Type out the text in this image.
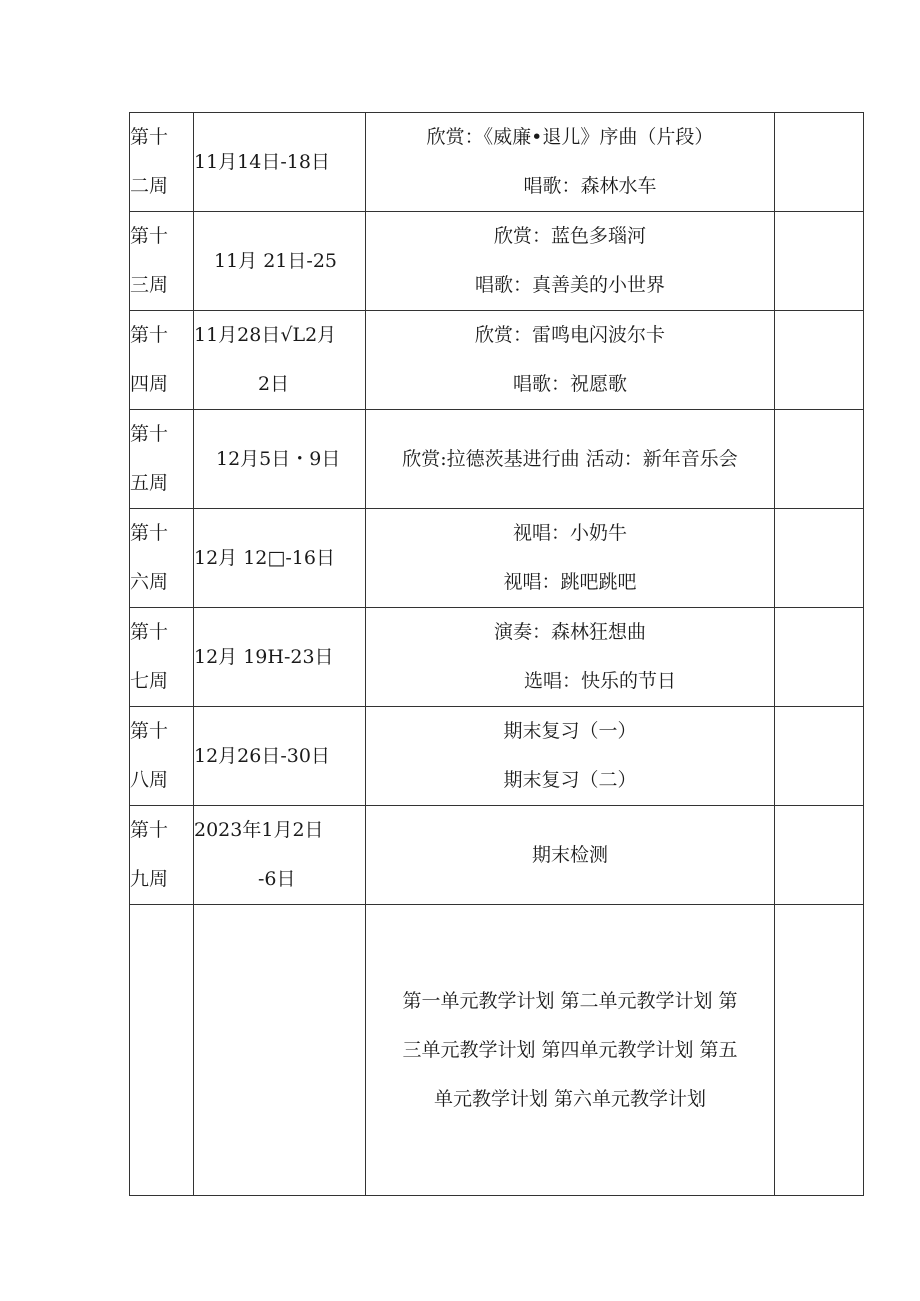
第十
二周	11月14日-18日	欣赏：《威廉•退儿》序曲（片段）
唱歌：森林水车	

第十
三周	11月 21日-25	欣赏：蓝色多瑙河
唱歌：真善美的小世界	

第十
四周	11月28日√L2月
2日	欣赏：雷鸣电闪波尔卡
唱歌：祝愿歌	

第十
五周	12月5日・9日	欣赏:拉德茨基进行曲 活动：新年音乐会	

第十
六周	12月 12□-16日	视唱：小奶牛
视唱：跳吧跳吧	

第十
七周	12月 19H-23日	演奏：森林狂想曲
选唱：快乐的节日	

第十
八周	12月26日-30日	期末复习（一）
期末复习（二）	

第十
九周	2023年1月2日
-6日	期末检测	

		第一单元教学计划 第二单元教学计划 第
三单元教学计划 第四单元教学计划 第五
单元教学计划 第六单元教学计划	
